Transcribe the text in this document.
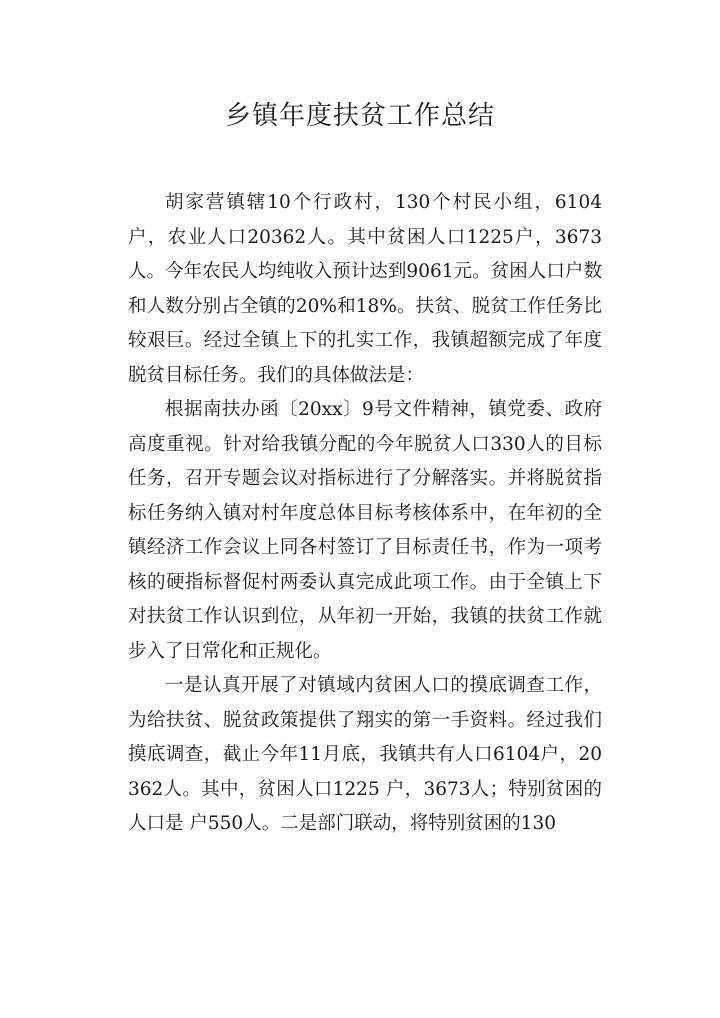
乡镇年度扶贫工作总结

胡家营镇辖10个行政村，130个村民小组，6104户，农业人口20362人。其中贫困人口1225户，3673人。今年农民人均纯收入预计达到9061元。贫困人口户数和人数分别占全镇的20%和18%。扶贫、脱贫工作任务比较艰巨。经过全镇上下的扎实工作，我镇超额完成了年度脱贫目标任务。我们的具体做法是：

根据南扶办函〔20xx〕9号文件精神，镇党委、政府高度重视。针对给我镇分配的今年脱贫人口330人的目标任务，召开专题会议对指标进行了分解落实。并将脱贫指标任务纳入镇对村年度总体目标考核体系中，在年初的全镇经济工作会议上同各村签订了目标责任书，作为一项考核的硬指标督促村两委认真完成此项工作。由于全镇上下对扶贫工作认识到位，从年初一开始，我镇的扶贫工作就步入了日常化和正规化。

一是认真开展了对镇域内贫困人口的摸底调查工作，为给扶贫、脱贫政策提供了翔实的第一手资料。经过我们摸底调查，截止今年11月底，我镇共有人口6104户，20362人。其中，贫困人口1225 户，3673人；特别贫困的人口是 户550人。二是部门联动，将特别贫困的130
